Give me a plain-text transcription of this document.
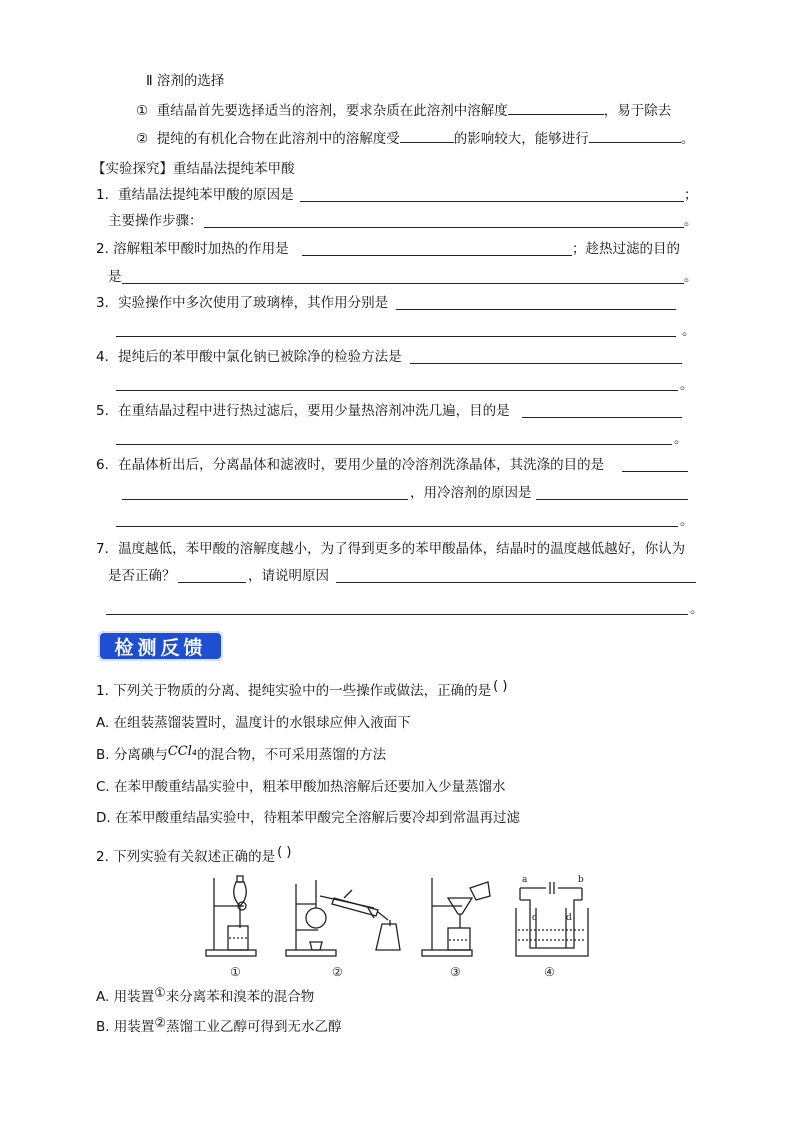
Ⅱ 溶剂的选择
① 重结晶首先要选择适当的溶剂，要求杂质在此溶剂中溶解度	，易于除去
② 提纯的有机化合物在此溶剂中的溶解度受	的影响较大，能够进行	。
【实验探究】重结晶法提纯苯甲酸
1．重结晶法提纯苯甲酸的原因是	；
主要操作步骤：	。
2. 溶解粗苯甲酸时加热的作用是	；趁热过滤的目的
是	。
3．实验操作中多次使用了玻璃棒，其作用分别是
。
4．提纯后的苯甲酸中氯化钠已被除净的检验方法是
。
5．在重结晶过程中进行热过滤后，要用少量热溶剂冲洗几遍，目的是
。
6．在晶体析出后，分离晶体和滤液时，要用少量的冷溶剂洗涤晶体，其洗涤的目的是
，用冷溶剂的原因是
。
7．温度越低，苯甲酸的溶解度越小，为了得到更多的苯甲酸晶体，结晶时的温度越低越好，你认为
是否正确？	，请说明原因
。
检测反馈
1. 下列关于物质的分离、提纯实验中的一些操作或做法，正确的是 ( )
A. 在组装蒸馏装置时，温度计的水银球应伸入液面下
B. 分离碘与CCl₄的混合物，不可采用蒸馏的方法
C. 在苯甲酸重结晶实验中，粗苯甲酸加热溶解后还要加入少量蒸馏水
D. 在苯甲酸重结晶实验中，待粗苯甲酸完全溶解后要冷却到常温再过滤
2. 下列实验有关叙述正确的是 ( )
a	b
c	d
①	②	③	④
A. 用装置①来分离苯和溴苯的混合物
B. 用装置②蒸馏工业乙醇可得到无水乙醇
